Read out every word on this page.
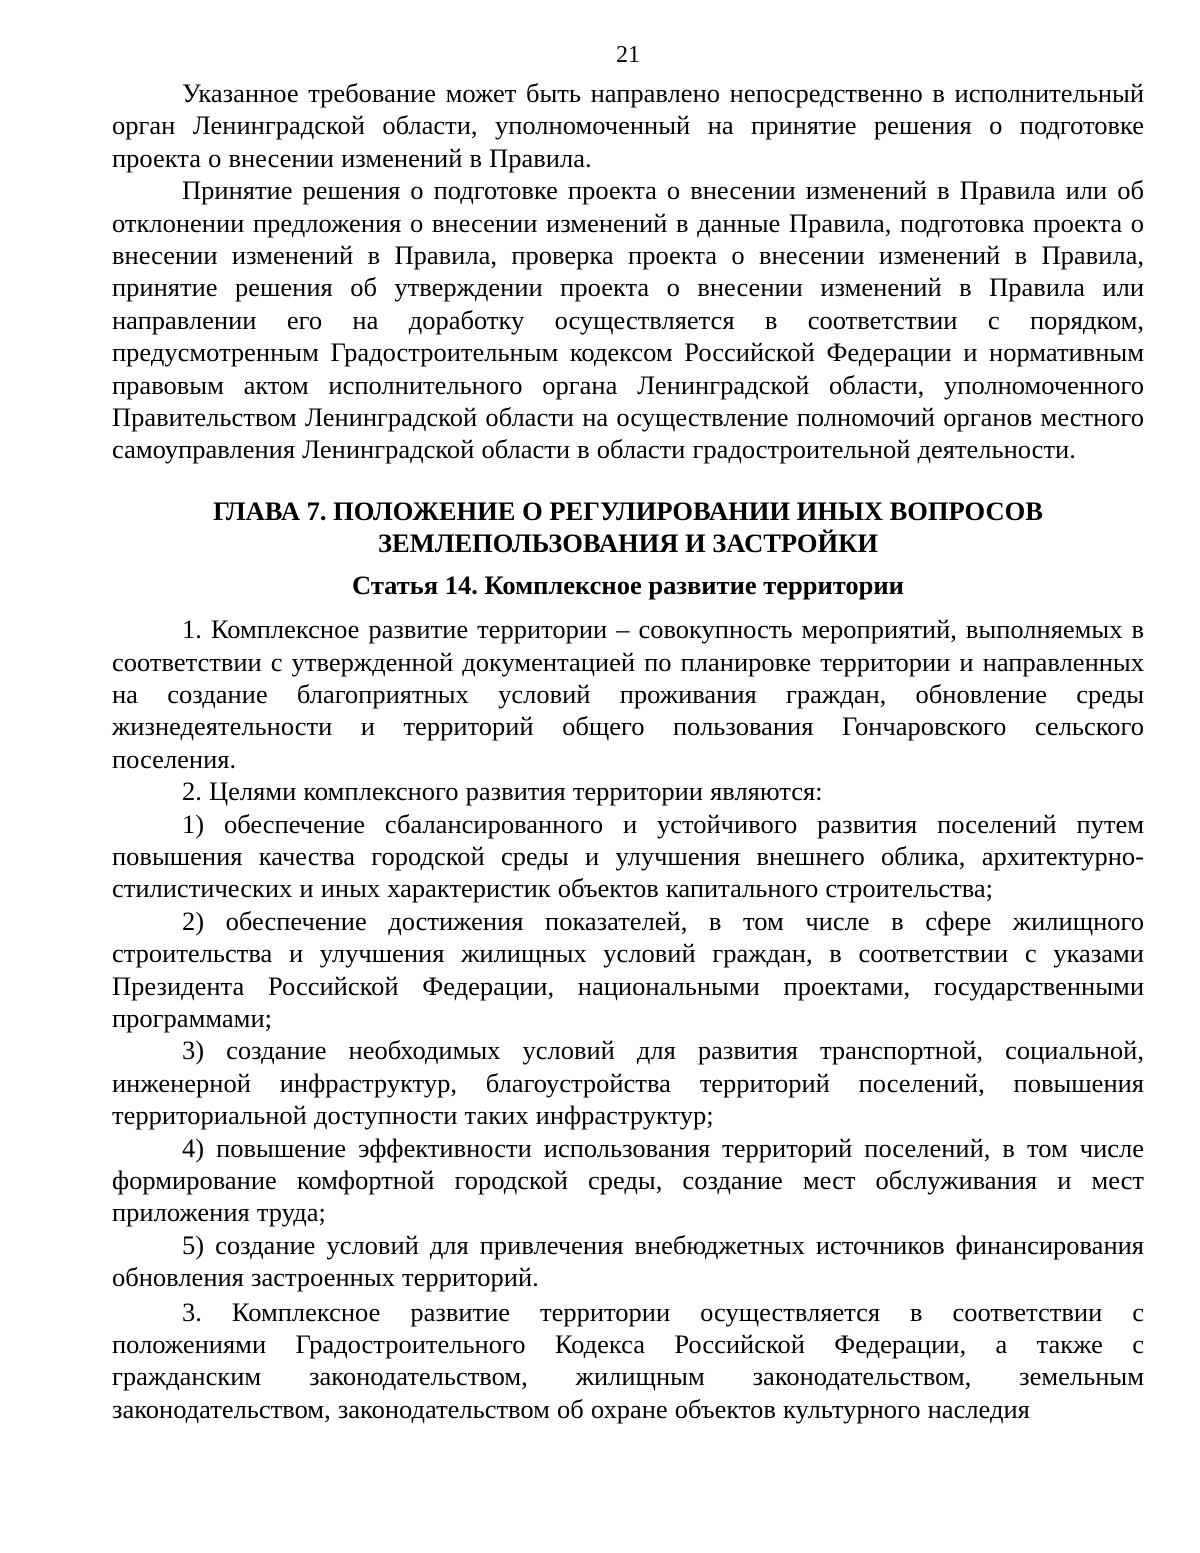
21

Указанное требование может быть направлено непосредственно в исполнительный орган Ленинградской области, уполномоченный на принятие решения о подготовке проекта о внесении изменений в Правила.

Принятие решения о подготовке проекта о внесении изменений в Правила или об отклонении предложения о внесении изменений в данные Правила, подготовка проекта о внесении изменений в Правила, проверка проекта о внесении изменений в Правила, принятие решения об утверждении проекта о внесении изменений в Правила или направлении его на доработку осуществляется в соответствии с порядком, предусмотренным Градостроительным кодексом Российской Федерации и нормативным правовым актом исполнительного органа Ленинградской области, уполномоченного Правительством Ленинградской области на осуществление полномочий органов местного самоуправления Ленинградской области в области градостроительной деятельности.

ГЛАВА 7. ПОЛОЖЕНИЕ О РЕГУЛИРОВАНИИ ИНЫХ ВОПРОСОВ
ЗЕМЛЕПОЛЬЗОВАНИЯ И ЗАСТРОЙКИ
Статья 14. Комплексное развитие территории

1. Комплексное развитие территории – совокупность мероприятий, выполняемых в соответствии с утвержденной документацией по планировке территории и направленных на создание благоприятных условий проживания граждан, обновление среды жизнедеятельности и территорий общего пользования Гончаровского сельского поселения.

2. Целями комплексного развития территории являются:

1) обеспечение сбалансированного и устойчивого развития поселений путем повышения качества городской среды и улучшения внешнего облика, архитектурно-стилистических и иных характеристик объектов капитального строительства;

2) обеспечение достижения показателей, в том числе в сфере жилищного строительства и улучшения жилищных условий граждан, в соответствии с указами Президента Российской Федерации, национальными проектами, государственными программами;

3) создание необходимых условий для развития транспортной, социальной, инженерной инфраструктур, благоустройства территорий поселений, повышения территориальной доступности таких инфраструктур;

4) повышение эффективности использования территорий поселений, в том числе формирование комфортной городской среды, создание мест обслуживания и мест приложения труда;

5) создание условий для привлечения внебюджетных источников финансирования обновления застроенных территорий.

3. Комплексное развитие территории осуществляется в соответствии с положениями Градостроительного Кодекса Российской Федерации, а также с гражданским законодательством, жилищным законодательством, земельным законодательством, законодательством об охране объектов культурного наследия
